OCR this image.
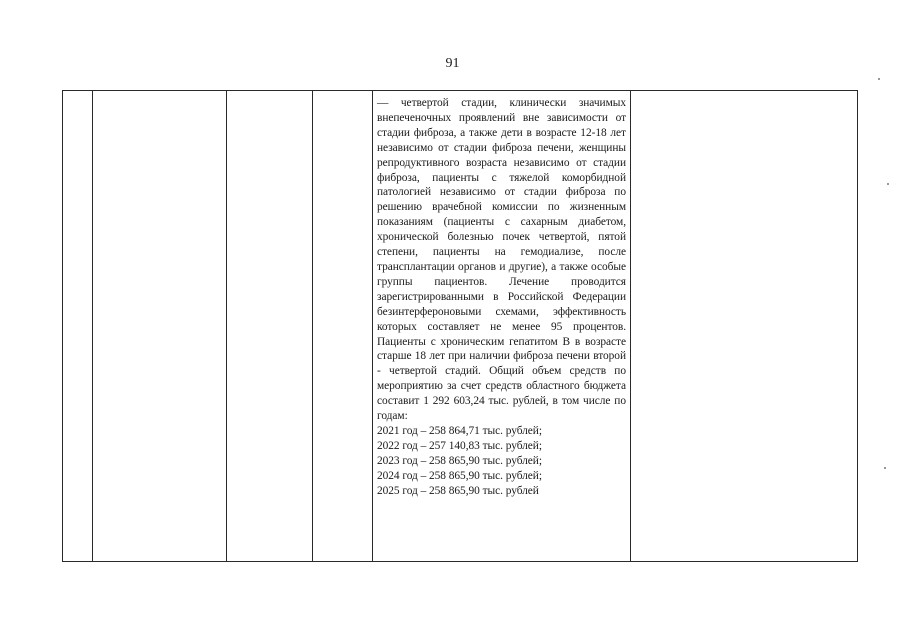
91

— четвертой стадии, клинически значимых внепеченочных проявлений вне зависимости от стадии фиброза, а также дети в возрасте 12-18 лет независимо от стадии фиброза печени, женщины репродуктивного возраста независимо от стадии фиброза, пациенты с тяжелой коморбидной патологией независимо от стадии фиброза по решению врачебной комиссии по жизненным показаниям (пациенты с сахарным диабетом, хронической болезнью почек четвертой, пятой степени, пациенты на гемодиализе, после трансплантации органов и другие), а также особые группы пациентов. Лечение проводится зарегистрированными в Российской Федерации безинтерфероновыми схемами, эффективность которых составляет не менее 95 процентов. Пациенты с хроническим гепатитом В в возрасте старше 18 лет при наличии фиброза печени второй - четвертой стадий. Общий объем средств по мероприятию за счет средств областного бюджета составит 1 292 603,24 тыс. рублей, в том числе по годам:
2021 год – 258 864,71 тыс. рублей;
2022 год – 257 140,83 тыс. рублей;
2023 год – 258 865,90 тыс. рублей;
2024 год – 258 865,90 тыс. рублей;
2025 год – 258 865,90 тыс. рублей
